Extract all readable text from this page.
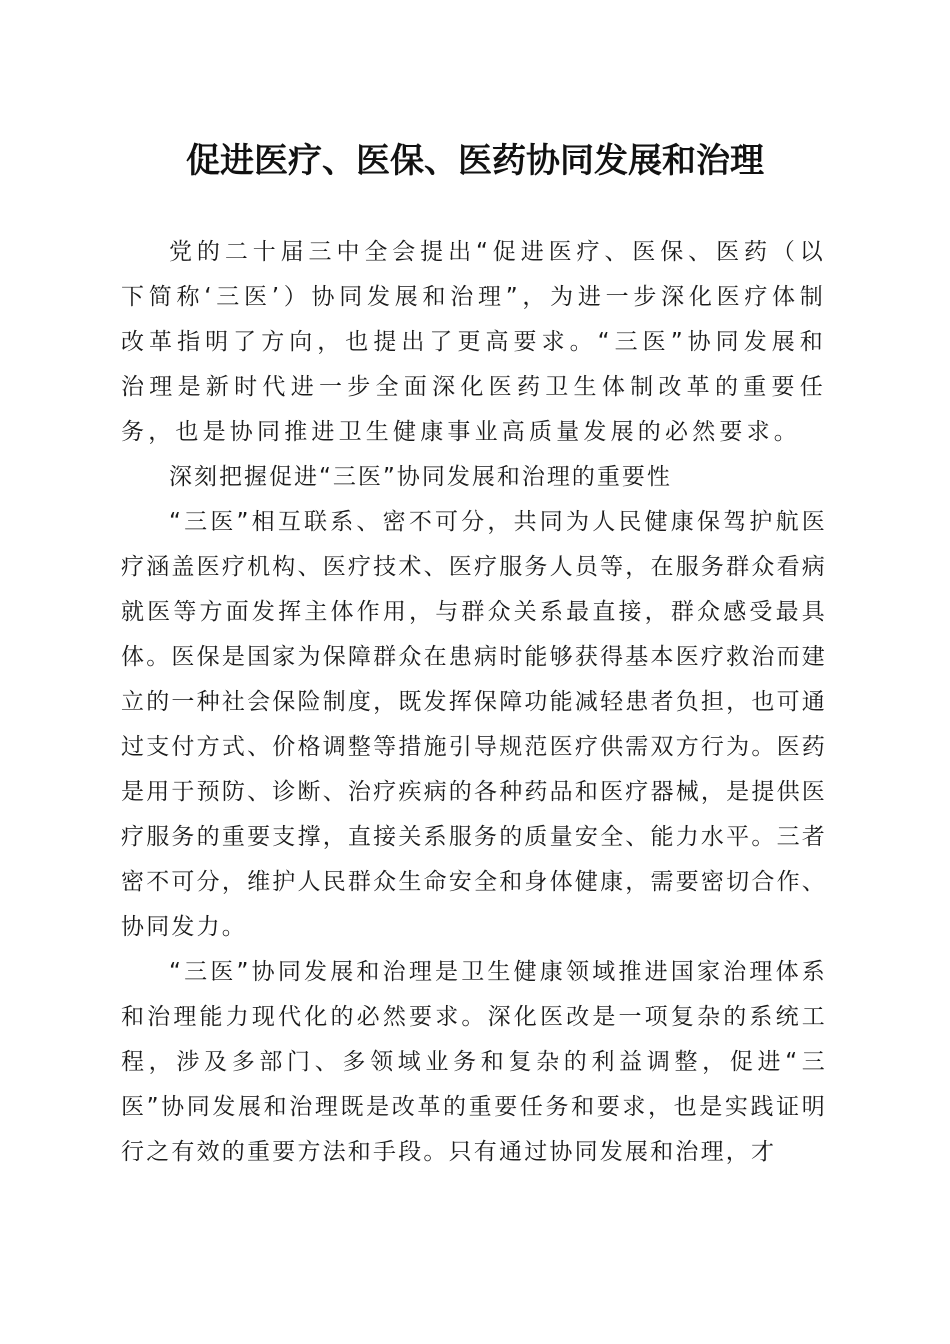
促进医疗、医保、医药协同发展和治理

党的二十届三中全会提出“促进医疗、医保、医药（以下简称‘三医’）协同发展和治理”，为进一步深化医疗体制改革指明了方向，也提出了更高要求。“三医”协同发展和治理是新时代进一步全面深化医药卫生体制改革的重要任务，也是协同推进卫生健康事业高质量发展的必然要求。

深刻把握促进“三医”协同发展和治理的重要性

“三医”相互联系、密不可分，共同为人民健康保驾护航医疗涵盖医疗机构、医疗技术、医疗服务人员等，在服务群众看病就医等方面发挥主体作用，与群众关系最直接，群众感受最具体。医保是国家为保障群众在患病时能够获得基本医疗救治而建立的一种社会保险制度，既发挥保障功能减轻患者负担，也可通过支付方式、价格调整等措施引导规范医疗供需双方行为。医药是用于预防、诊断、治疗疾病的各种药品和医疗器械，是提供医疗服务的重要支撑，直接关系服务的质量安全、能力水平。三者密不可分，维护人民群众生命安全和身体健康，需要密切合作、协同发力。

“三医”协同发展和治理是卫生健康领域推进国家治理体系和治理能力现代化的必然要求。深化医改是一项复杂的系统工程，涉及多部门、多领域业务和复杂的利益调整，促进“三医”协同发展和治理既是改革的重要任务和要求，也是实践证明行之有效的重要方法和手段。只有通过协同发展和治理，才
